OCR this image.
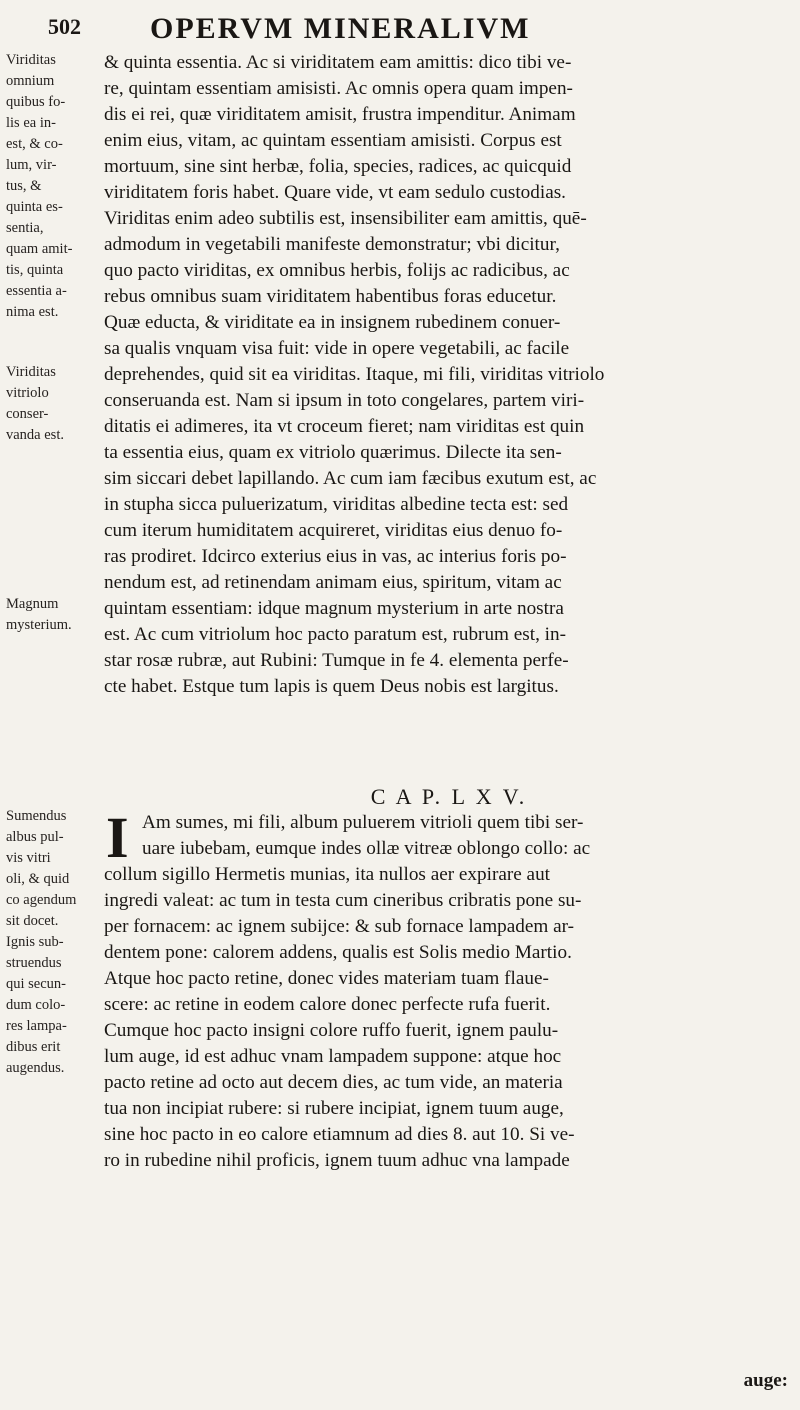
502 OPERVM MINERALIVM
Viriditas
omnium
quibus fo-
lis ea in-
est, & co-
lum, vir-
tus, &
quinta es-
sentia,
quam amit-
tis, quinta
essentia a-
nima est.
Viriditas
vitriolo
conser-
vanda est.
Magnum
mysterium.
Sumendus
albus pul-
vis vitri
oli, & quid
co agendum
sit docet.
Ignis sub-
struendus
qui secun-
dum colo-
res lampa-
dibus erit
augendus.
& quinta essentia. Ac si viriditatem eam amittis: dico tibi ve-
re, quintam essentiam amisisti. Ac omnis opera quam impen-
dis ei rei, quæ viriditatem amisit, frustra impenditur. Animam
enim eius, vitam, ac quintam essentiam amisisti. Corpus est
mortuum, sine sint herbæ, folia, species, radices, ac quicquid
viriditatem foris habet. Quare vide, vt eam sedulo custodias.
Viriditas enim adeo subtilis est, insensibiliter eam amittis, quē-
admodum in vegetabili manifeste demonstratur; vbi dicitur,
quo pacto viriditas, ex omnibus herbis, folijs ac radicibus, ac
rebus omnibus suam viriditatem habentibus foras educetur.
Quæ educta, & viriditate ea in insignem rubedinem conuer-
sa qualis vnquam visa fuit: vide in opere vegetabili, ac facile
deprehendes, quid sit ea viriditas. Itaque, mi fili, viriditas vitriolo
conseruanda est. Nam si ipsum in toto congelares, partem viri-
ditatis ei adimeres, ita vt croceum fieret; nam viriditas est quin
ta essentia eius, quam ex vitriolo quærimus. Dilecte ita sen-
sim siccari debet lapillando. Ac cum iam fæcibus exutum est, ac
in stupha sicca puluerizatum, viriditas albedine tecta est: sed
cum iterum humiditatem acquireret, viriditas eius denuo fo-
ras prodiret. Idcirco exterius eius in vas, ac interius foris po-
nendum est, ad retinendam animam eius, spiritum, vitam ac
quintam essentiam: idque magnum mysterium in arte nostra
est. Ac cum vitriolum hoc pacto paratum est, rubrum est, in-
star rosæ rubræ, aut Rubini: Tumque in fe 4. elementa perfe-
cte habet. Estque tum lapis is quem Deus nobis est largitus.
C A P. L X V.
I Am sumes, mi fili, album puluerem vitrioli quem tibi ser-
uare iubebam, eumque indes ollæ vitreæ oblongo collo: ac
collum sigillo Hermetis munias, ita nullos aer expirare aut
ingredi valeat: ac tum in testa cum cineribus cribratis pone su-
per fornacem: ac ignem subijce: & sub fornace lampadem ar-
dentem pone: calorem addens, qualis est Solis medio Martio.
Atque hoc pacto retine, donec vides materiam tuam flaue-
scere: ac retine in eodem calore donec perfecte rufa fuerit.
Cumque hoc pacto insigni colore ruffo fuerit, ignem paulu-
lum auge, id est adhuc vnam lampadem suppone: atque hoc
pacto retine ad octo aut decem dies, ac tum vide, an materia
tua non incipiat rubere: si rubere incipiat, ignem tuum auge,
sine hoc pacto in eo calore etiamnum ad dies 8. aut 10. Si ve-
ro in rubedine nihil proficis, ignem tuum adhuc vna lampade
auge:
